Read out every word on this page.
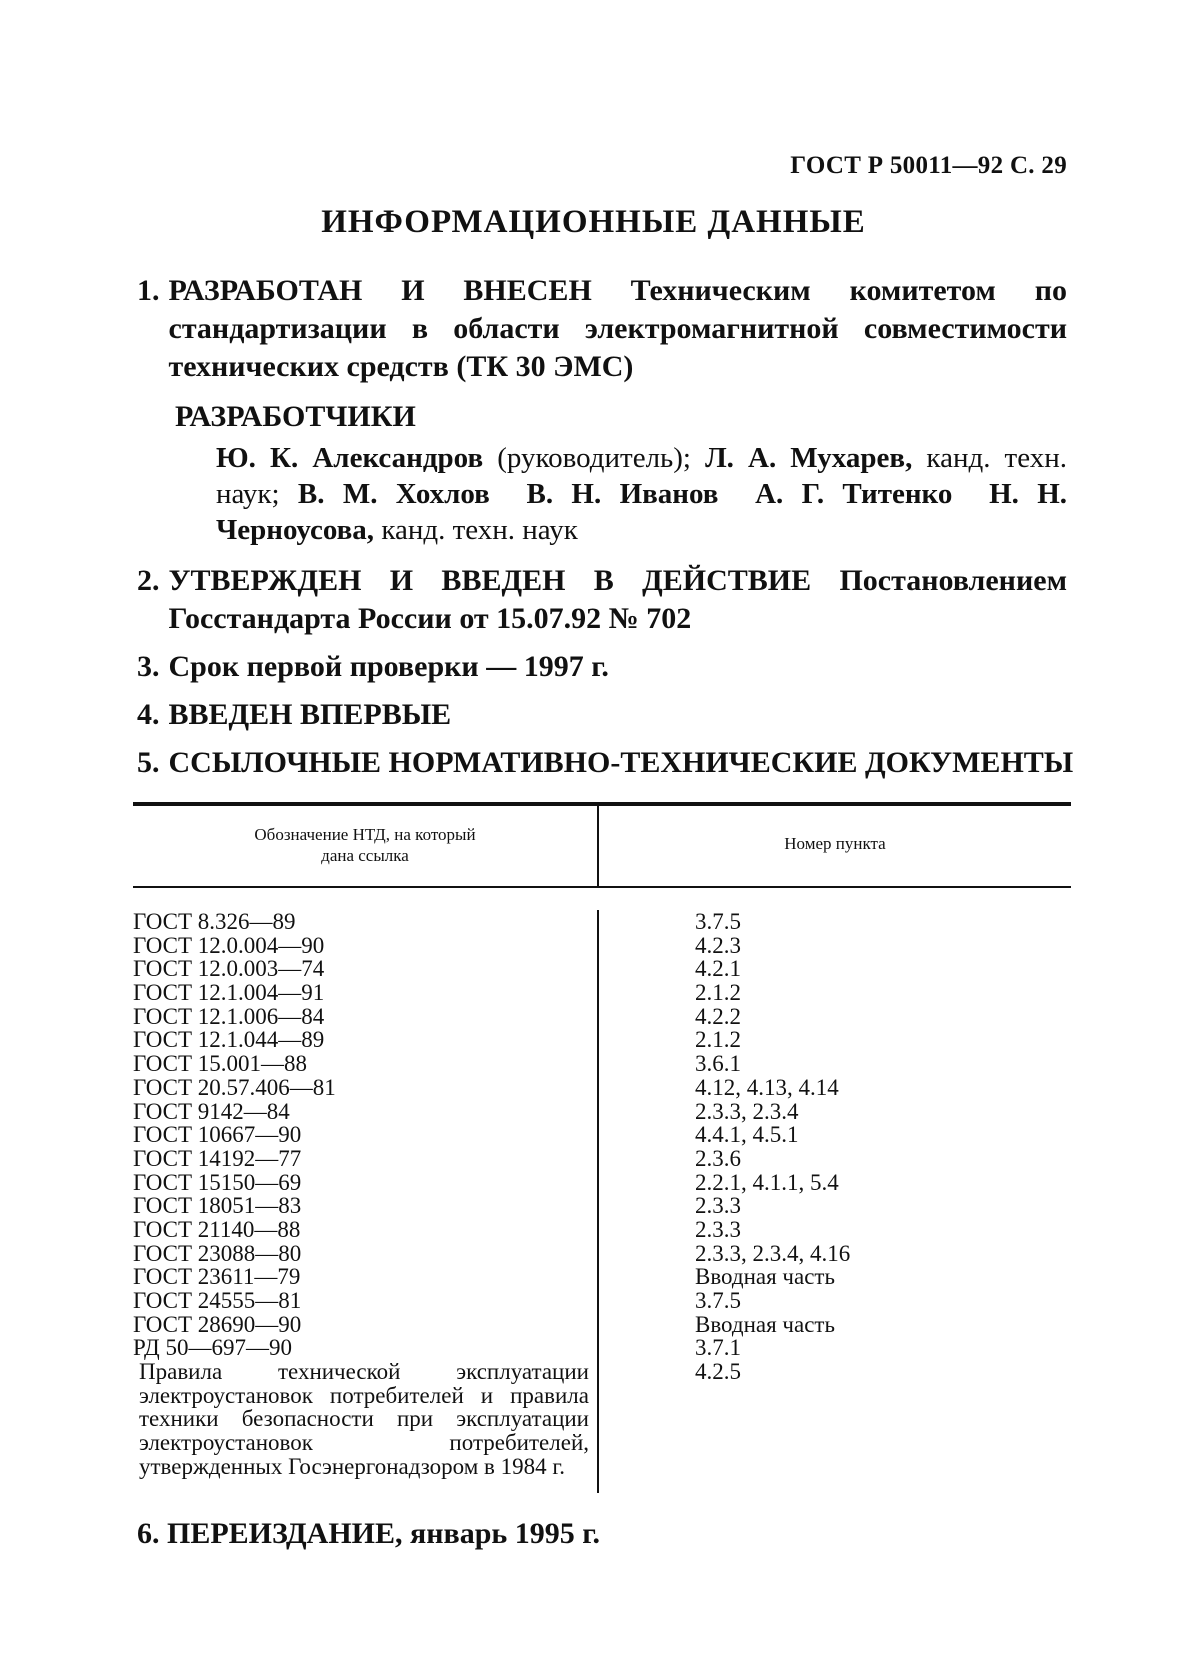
ГОСТ Р 50011—92 С. 29
ИНФОРМАЦИОННЫЕ ДАННЫЕ
1. РАЗРАБОТАН И ВНЕСЕН Техническим комитетом по стандартизации в области электромагнитной совместимости технических средств (ТК 30 ЭМС)
РАЗРАБОТЧИКИ
Ю. К. Александров (руководитель); Л. А. Мухарев, канд. техн. наук; В. М. Хохлов В. Н. Иванов А. Г. Титенко Н. Н. Черноусова, канд. техн. наук
2. УТВЕРЖДЕН И ВВЕДЕН В ДЕЙСТВИЕ Постановлением Госстандарта России от 15.07.92 № 702
3. Срок первой проверки — 1997 г.
4. ВВЕДЕН ВПЕРВЫЕ
5. ССЫЛОЧНЫЕ НОРМАТИВНО-ТЕХНИЧЕСКИЕ ДОКУМЕНТЫ
Обозначение НТД, на который
дана ссылка
Номер пункта
ГОСТ 8.326—89
ГОСТ 12.0.004—90
ГОСТ 12.0.003—74
ГОСТ 12.1.004—91
ГОСТ 12.1.006—84
ГОСТ 12.1.044—89
ГОСТ 15.001—88
ГОСТ 20.57.406—81
ГОСТ 9142—84
ГОСТ 10667—90
ГОСТ 14192—77
ГОСТ 15150—69
ГОСТ 18051—83
ГОСТ 21140—88
ГОСТ 23088—80
ГОСТ 23611—79
ГОСТ 24555—81
ГОСТ 28690—90
РД 50—697—90
Правила технической эксплуатации электроустановок потребителей и правила техники безопасности при эксплуатации электроустановок потребителей, утвержденных Госэнергонадзором в 1984 г.
3.7.5
4.2.3
4.2.1
2.1.2
4.2.2
2.1.2
3.6.1
4.12, 4.13, 4.14
2.3.3, 2.3.4
4.4.1, 4.5.1
2.3.6
2.2.1, 4.1.1, 5.4
2.3.3
2.3.3
2.3.3, 2.3.4, 4.16
Вводная часть
3.7.5
Вводная часть
3.7.1
4.2.5
6. ПЕРЕИЗДАНИЕ, январь 1995 г.
